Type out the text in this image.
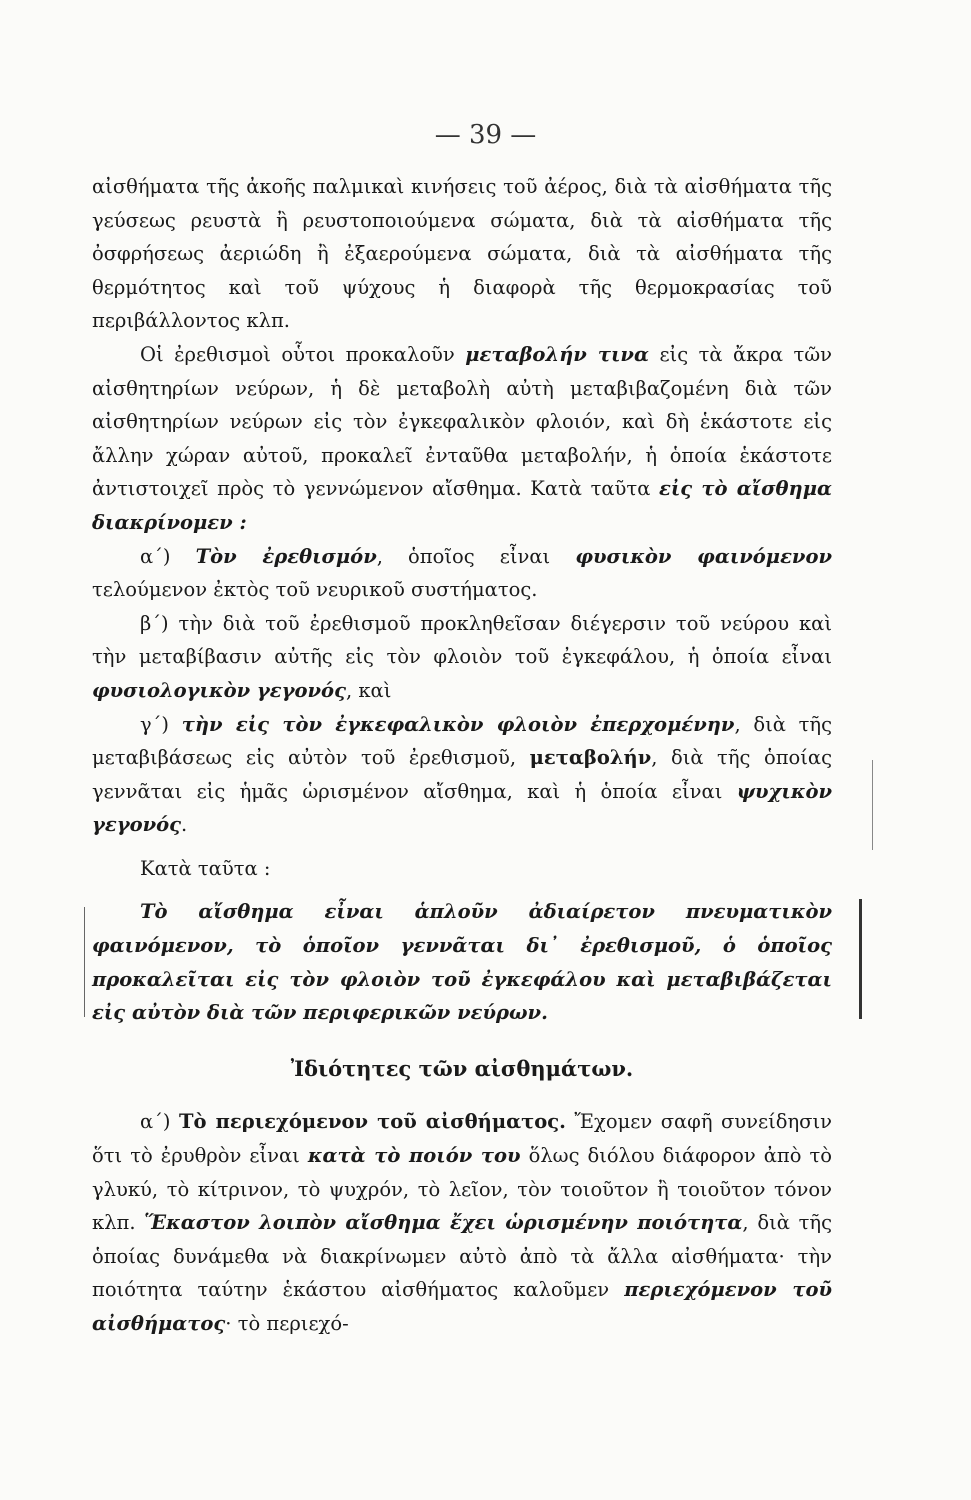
— 39 —

αἰσθήματα τῆς ἀκοῆς παλμικαὶ κινήσεις τοῦ ἀέρος, διὰ τὰ αἰσθήματα τῆς γεύσεως ρευστὰ ἢ ρευστοποιούμενα σώματα, διὰ τὰ αἰσθήματα τῆς ὀσφρήσεως ἀεριώδη ἢ ἐξαερούμενα σώματα, διὰ τὰ αἰσθήματα τῆς θερμότητος καὶ τοῦ ψύχους ἡ διαφορὰ τῆς θερμοκρασίας τοῦ περιβάλλοντος κλπ.

Οἱ ἐρεθισμοὶ οὗτοι προκαλοῦν μεταβολήν τινα εἰς τὰ ἄκρα τῶν αἰσθητηρίων νεύρων, ἡ δὲ μεταβολὴ αὐτὴ μεταβιβαζομένη διὰ τῶν αἰσθητηρίων νεύρων εἰς τὸν ἐγκεφαλικὸν φλοιόν, καὶ δὴ ἑκάστοτε εἰς ἄλλην χώραν αὐτοῦ, προκαλεῖ ἐνταῦθα μεταβολήν, ἡ ὁποία ἑκάστοτε ἀντιστοιχεῖ πρὸς τὸ γεννώμενον αἴσθημα. Κατὰ ταῦτα εἰς τὸ αἴσθημα διακρίνομεν :

α΄) Τὸν ἐρεθισμόν, ὁποῖος εἶναι φυσικὸν φαινόμενον τελούμενον ἐκτὸς τοῦ νευρικοῦ συστήματος.

β΄) τὴν διὰ τοῦ ἐρεθισμοῦ προκληθεῖσαν διέγερσιν τοῦ νεύρου καὶ τὴν μεταβίβασιν αὐτῆς εἰς τὸν φλοιὸν τοῦ ἐγκεφάλου, ἡ ὁποία εἶναι φυσιολογικὸν γεγονός, καὶ

γ΄) τὴν εἰς τὸν ἐγκεφαλικὸν φλοιὸν ἐπερχομένην, διὰ τῆς μεταβιβάσεως εἰς αὐτὸν τοῦ ἐρεθισμοῦ, μεταβολήν, διὰ τῆς ὁποίας γεννᾶται εἰς ἡμᾶς ὡρισμένον αἴσθημα, καὶ ἡ ὁποία εἶναι ψυχικὸν γεγονός.

Κατὰ ταῦτα :

Τὸ αἴσθημα εἶναι ἁπλοῦν ἀδιαίρετον πνευματικὸν φαινόμενον, τὸ ὁποῖον γεννᾶται δι᾿ ἐρεθισμοῦ, ὁ ὁποῖος προκαλεῖται εἰς τὸν φλοιὸν τοῦ ἐγκεφάλου καὶ μεταβιβάζεται εἰς αὐτὸν διὰ τῶν περιφερικῶν νεύρων.
Ἰδιότητες τῶν αἰσθημάτων.

α΄) Τὸ περιεχόμενον τοῦ αἰσθήματος. Ἔχομεν σαφῆ συνείδησιν ὅτι τὸ ἐρυθρὸν εἶναι κατὰ τὸ ποιόν του ὅλως διόλου διάφορον ἀπὸ τὸ γλυκύ, τὸ κίτρινον, τὸ ψυχρόν, τὸ λεῖον, τὸν τοιοῦτον ἢ τοιοῦτον τόνον κλπ. Ἕκαστον λοιπὸν αἴσθημα ἔχει ὡρισμένην ποιότητα, διὰ τῆς ὁποίας δυνάμεθα νὰ διακρίνωμεν αὐτὸ ἀπὸ τὰ ἄλλα αἰσθήματα· τὴν ποιότητα ταύτην ἑκάστου αἰσθήματος καλοῦμεν περιεχόμενον τοῦ αἰσθήματος· τὸ περιεχό-
